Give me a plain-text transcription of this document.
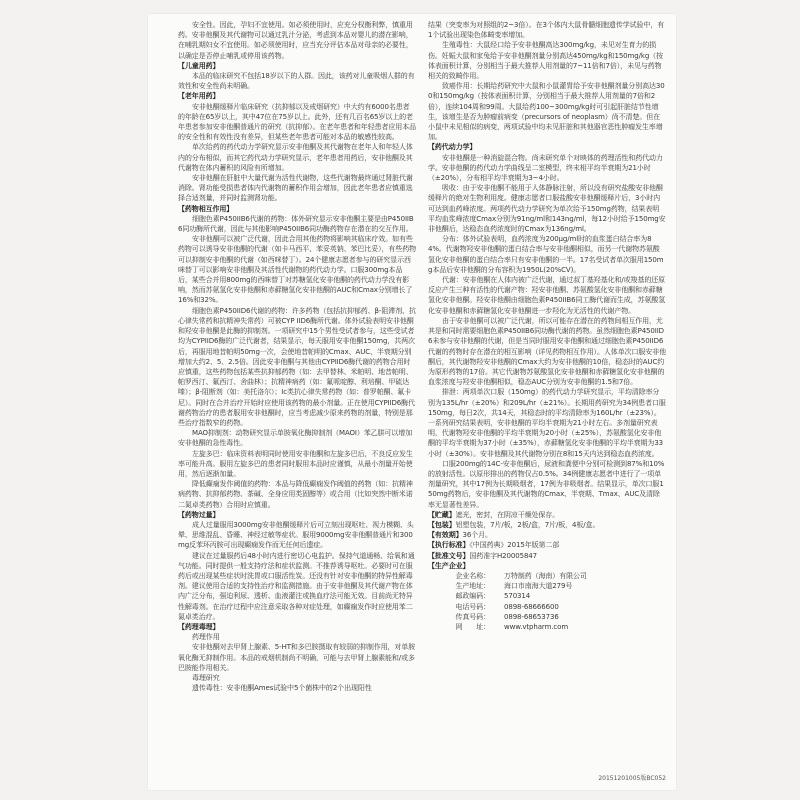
安全性。因此，孕妇不宜使用。如必须使用时，应充分权衡利弊，慎重用药。安非他酮及其代谢物可以通过乳汁分泌，考虑到本品对婴儿的潜在影响，在哺乳期妇女不宜使用。如必须使用时，应当充分评估本品对母亲的必要性，以确定是否停止哺乳或停用该药物。

【儿童用药】

本品的临床研究不包括18岁以下的人群。因此，该药对儿童吸烟人群的有效性和安全性尚未明确。

【老年用药】

安非他酮缓释片临床研究（抗抑郁以及戒烟研究）中大约有6000名患者的年龄在65岁以上，其中47位在75岁以上。此外，还有几百名65岁以上的老年患者参加安非他酮普通片的研究（抗抑郁）。在老年患者和年轻患者应用本品的安全性和有效性没有差异，但某些老年患者可能对本品的敏感性较高。

单次给药的药代动力学研究显示安非他酮及其代谢物在老年人和年轻人体内的分布相似，而其它药代动力学研究显示，老年患者用药后，安非他酮及其代谢物在体内蓄积的风险有所增加。

安非他酮在肝脏中大量代谢为活性代谢物，这些代谢物最终通过肾脏代谢消除。肾功能受损患者体内代谢物的蓄积作用会增加，因此老年患者应慎重选择合适剂量，并同时监测肾功能。

【药物相互作用】

细胞色素P450IIB6代谢的药物：体外研究显示安非他酮主要是由P450IIB6同功酶所代谢，因此与其他影响P450IIB6同功酶药物存在潜在的交互作用。

安非他酮可以被广泛代谢，因此合用其他药物将影响其临床疗效。如有些药物可以诱导安非他酮的代谢（如卡马西平、苯妥英钠、苯巴比妥），有些药物可以抑制安非他酮的代谢（如西咪替丁）。24个健康志愿者参与的研究显示西咪替丁可以影响安非他酮及其活性代谢物的药代动力学。口服300mg本品后，某些合并用800mg的西咪替丁对苏糖氢化安非他酮的药代动力学没有影响，然而苏氨氢化安非他酮和赤藓糖氢化安非他酮的AUC和Cmax分别增长了16%和32%。

细胞色素P450IID6代谢的药物：许多药物（包括抗抑郁药、β-阻滞剂、抗心律失常药和抗精神失常药）可被CYP IID6酶所代谢。体外试验表明安非他酮和羟安非他酮是此酶的抑制剂。一项研究中15个男性受试者参与，这些受试者均为CYPIID6酶的广泛代谢者，结果显示，每天服用安非他酮150mg，共两次后，再服用地昔帕明50mg一次，会使地昔帕明的Cmax、AUC、半衰期分别增加大约2、5、2.5倍。因此安非他酮与其他由CYPIID6酶代谢的药物合用时应慎重，这些药物包括某些抗抑郁药物（如：去甲替林、米帕明、地昔帕明、帕罗西汀、氟西汀、舍曲林）；抗精神病药（如：氟哌啶醇、利培酮、甲硫达嗪）；β-阻断剂（如：美托洛尔）；Ⅰc类抗心律失常药物（如：普罗帕酮、氟卡尼）。同时在合并治疗开始时应使用该药物的最小剂量。正在使用CYPIID6酶代谢药物治疗的患者服用安非他酮时，应当考虑减少原来药物的剂量，特别是那些治疗指数窄的药物。

MAO抑制剂：动物研究显示单胺氧化酶抑制剂（MAOI）苯乙肼可以增加安非他酮的急性毒性。

左旋多巴：临床资料表明同时使用安非他酮和左旋多巴后，不良反应发生率可能升高。服用左旋多巴的患者同时服用本品时应谨慎，从最小剂量开始使用，然后逐渐加量。

降低癫痫发作阈值的药物：本品与降低癫痫发作阈值的药物（如：抗精神病药物、抗抑郁药物、茶碱、全身应用类固醇等）或合用（比如突然中断米诺二氮卓类药物）合用时应慎重。

【药物过量】

成人过量服用3000mg安非他酮缓释片后可立刻出现呕吐、视力模糊、头晕、思维混乱、昏睡、神经过敏等症状。服用9000mg安非他酮普通片和300mg反苯环丙胺可出现癫痫发作而无任何后遗症。

建议在过量服药后48小时内进行密切心电监护。保持气道通畅、给氧和通气功能。同时提供一般支持疗法和症状监测。不推荐诱导呕吐。必要时可在服药后或出现某些症状时洗胃或口服活性炭。还没有针对安非他酮的特异性解毒剂。建议使用合适的支持性治疗和监测措施。由于安非他酮及其代谢产物在体内广泛分布，强迫利尿、透析、血液灌注或换血疗法可能无效。目前尚无特异性解毒剂。在治疗过程中应注意采取各种对症处理，如癫痫发作时应使用苯二氮卓类治疗。

【药理毒理】

药理作用

安非他酮对去甲肾上腺素、5-HT和多巴胺摄取有较弱的抑制作用，对单胺氧化酶无抑制作用。本品的戒烟机制尚不明确，可能与去甲肾上腺素能和/或多巴胺能作用相关。

毒理研究

遗传毒性：安非他酮Ames试验中5个菌株中的2个出现阳性

结果（突变率为对照组的2~3倍）。在3个体内大鼠骨髓细胞遗传学试验中，有1个试验出现染色体畸变率增加。

生殖毒性：大鼠经口给予安非他酮高达300mg/kg，未见对生育力的损伤。妊娠大鼠和家兔给予安非他酮剂量分别高达450mg/kg和150mg/kg（按体表面积计算，分别相当于最大推荐人用剂量的7~11倍和7倍），未见与药物相关的致畸作用。

致癌作用：长期给药研究中大鼠和小鼠灌胃给予安非他酮剂量分别高达300和150mg/kg（按体表面积计算，分别相当于最大推荐人用剂量的7倍和2倍），连续104周和99周。大鼠给药100~300mg/kg时可引起肝脏结节性增生，该增生是否为肿瘤前病变（precursors of neoplasm）尚不清楚。但在小鼠中未见相似的病变，两项试验中均未见肝脏和其他器官恶性肿瘤发生率增加。

【药代动力学】

安非他酮是一种消旋混合物。尚未研究单个对映体的药理活性和药代动力学。安非他酮的药代动力学曲线呈二室模型，终末相平均半衰期为21小时（±20%），分布相平均半衰期为3~4小时。

吸收：由于安非他酮不能用于人体静脉注射，所以没有研究盐酸安非他酮缓释片的绝对生物利用度。健康志愿者口服盐酸安非他酮缓释片后，3小时内可达到血药峰浓度。两项药代动力学研究为单次给予150mg药物，结果表明平均血浆峰浓度Cmax分别为91ng/ml和143ng/ml，每12小时给予150mg安非他酮后，达稳态血药浓度时的Cmax为136ng/ml。

分布：体外试验表明，血药浓度为200μg/ml时的血浆蛋白结合率为84%。代谢物羟安非他酮的蛋白结合率与安非他酮相似，而另一代谢物苏氨酸氢化安非他酮的蛋白结合率只有安非他酮的一半。17名受试者单次服用150mg本品后安非他酮的分布容积为1950L(20%CV)。

代谢：安非他酮在人体内被广泛代谢，通过叔丁基羟基化和/或羧基的还原反应产生三种有活性的代谢产物：羟安非他酮、苏氨酸氢化安非他酮和赤藓糖氢化安非他酮。羟安非他酮由细胞色素P450IIB6同工酶代谢而生成，苏氨酸氢化安非他酮和赤藓糖氢化安非他酮进一步羟化为无活性的代谢产物。

由于安非他酮可以被广泛代谢，所以可能存在潜在的药物间相互作用，尤其是和同时需要细胞色素P450IIB6同功酶代谢的药物。虽然细胞色素P450IID6未参与安非他酮的代谢，但是当同时服用安非他酮和通过细胞色素P450IID6代谢的药物时存在潜在的相互影响（详见药物相互作用）。人体单次口服安非他酮后，其代谢物羟安非他酮的Cmax大约为安非他酮的10倍，稳态时的AUC约为原形药物的17倍。其它代谢物苏氨酸氢化安非他酮和赤藓糖氢化安非他酮的血浆浓度与羟安非他酮相似，稳态AUC分别为安非他酮的1.5和7倍。

排泄：两项单次口服（150mg）的药代动力学研究显示，平均清除率分别为135L/hr（±20%）和209L/hr（±21%）。长期用药研究为34例患者口服150mg，每日2次，共14天，其稳态时的平均清除率为160L/hr（±23%）。一系列研究结果表明，安非他酮的平均半衰期为21小时左右。多剂量研究表明，代谢物羟安非他酮的平均半衰期为20小时（±25%），苏氨酸氢化安非他酮的平均半衰期为37小时（±35%），赤藓糖氢化安非他酮的平均半衰期为33小时（±30%）。安非他酮及其代谢物分别在8和15天内达到稳态血药浓度。

口服200mg的14C-安非他酮后，尿液和粪便中分别可检测到87%和10%的放射活性。以原形排出的药物仅占0.5%。34例健康志愿者中进行了一项单剂量研究，其中17例为长期吸烟者，17例为非吸烟者。结果显示，单次口服150mg药物后，安非他酮及其代谢物的Cmax、半衰期、Tmax、AUC及清除率无显著性差异。

【贮藏】遮光，密封，在阴凉干燥处保存。

【包装】铝塑包装，7片/板，2板/盒，7片/板，4板/盒。

【有效期】36个月。

【执行标准】《中国药典》2015年版第二部

【批准文号】国药准字H20005847

【生产企业】

企业名称：	万特制药（海南）有限公司

生产地址：	海口市南海大道279号

邮政编码：	570314

电话号码：	0898-68666600

传真号码：	0898-68653736

网　　址：	www.vtpharm.com

20151201005版BC052
